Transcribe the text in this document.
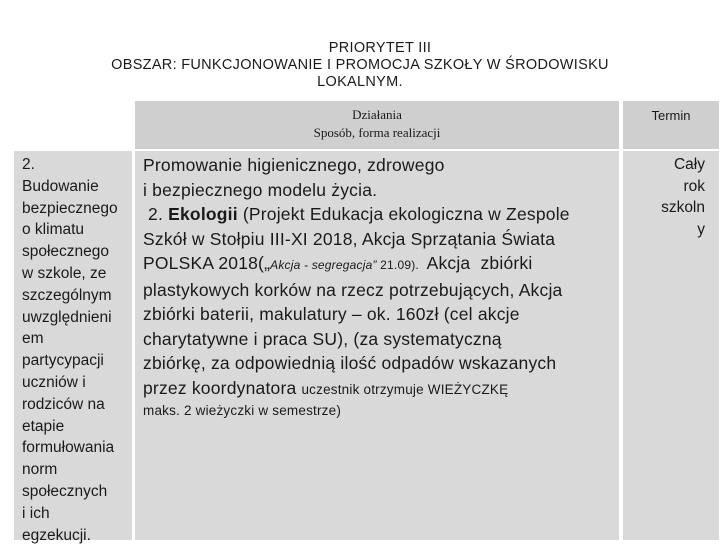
PRIORYTET III
OBSZAR: FUNKCJONOWANIE I PROMOCJA SZKOŁY W ŚRODOWISKU
LOKALNYM.
Działania
Sposób, forma realizacji
Termin
2.
Budowanie
bezpiecznego
o klimatu
społecznego
w szkole, ze
szczególnym
uwzględnieni
em
partycypacji
uczniów i
rodziców na
etapie
formułowania
norm
społecznych
i ich
egzekucji.
Promowanie higienicznego, zdrowego
i bezpiecznego modelu życia.
2. Ekologii (Projekt Edukacja ekologiczna w Zespole
Szkół w Stołpiu III-XI 2018, Akcja Sprzątania Świata
POLSKA 2018(„Akcja - segregacja” 21.09).  Akcja  zbiórki
plastykowych korków na rzecz potrzebujących, Akcja
zbiórki baterii, makulatury – ok. 160zł (cel akcje
charytatywne i praca SU), (za systematyczną
zbiórkę, za odpowiednią ilość odpadów wskazanych
przez koordynatora uczestnik otrzymuje WIEŻYCZKĘ
maks. 2 wieżyczki w semestrze)
Cały
rok
szkoln
y
